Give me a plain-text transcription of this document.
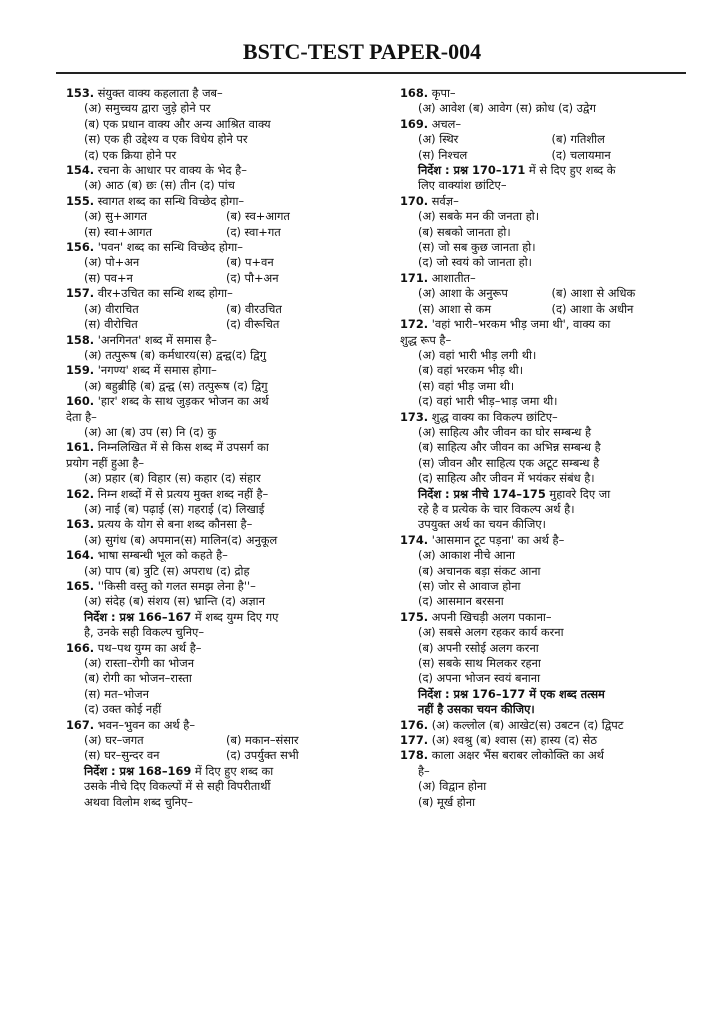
BSTC-TEST PAPER-004
153. संयुक्त वाक्य कहलाता है जब–
(अ) समुच्चय द्वारा जुड़े होने पर
(ब) एक प्रधान वाक्य और अन्य आश्रित वाक्य
(स) एक ही उद्देश्य व एक विधेय होने पर
(द) एक क्रिया होने पर
154. रचना के आधार पर वाक्य के भेद है–
(अ) आठ (ब) छः (स) तीन (द) पांच
155. स्वागत शब्द का सन्धि विच्छेद होगा–
(अ) सु+आगत	(ब) स्व+आगत
(स) स्वा+आगत	(द) स्वा+गत
156. 'पवन' शब्द का सन्धि विच्छेद होगा–
(अ) पो+अन	(ब) प+वन
(स) पव+न	(द) पौ+अन
157. वीर+उचित का सन्धि शब्द होगा–
(अ) वीराचित	(ब) वीरउचित
(स) वीरोचित	(द) वीरूचित
158. 'अनगिनत' शब्द में समास है–
(अ) तत्पुरूष (ब) कर्मधारय(स) द्वन्द्व(द) द्विगु
159. 'नगण्य' शब्द में समास होगा–
(अ) बहुब्रीहि (ब) द्वन्द्व (स) तत्पुरूष (द) द्विगु
160. 'हार' शब्द के साथ जुड़कर भोजन का अर्थ
देता है–
(अ) आ (ब) उप (स) नि (द) कु
161. निम्नलिखित में से किस शब्द में उपसर्ग का
प्रयोग नहीं हुआ है–
(अ) प्रहार (ब) विहार (स) कहार (द) संहार
162. निम्न शब्दों में से प्रत्यय मुक्त शब्द नहीं है–
(अ) नाई (ब) पढ़ाई (स) गहराई (द) लिखाई
163. प्रत्यय के योग से बना शब्द कौनसा है–
(अ) सुगंध (ब) अपमान(स) मालिन(द) अनुकूल
164. भाषा सम्बन्धी भूल को कहते है–
(अ) पाप (ब) त्रुटि (स) अपराध (द) द्रोह
165. ''किसी वस्तु को गलत समझ लेना है''–
(अ) संदेह (ब) संशय (स) भ्रान्ति (द) अज्ञान
निर्देश : प्रश्न 166–167 में शब्द युग्म दिए गए
है, उनके सही विकल्प चुनिए–
166. पथ–पथ युग्म का अर्थ है–
(अ) रास्ता–रोगी का भोजन
(ब) रोगी का भोजन–रास्ता
(स) मत–भोजन
(द) उक्त कोई नहीं
167. भवन–भुवन का अर्थ है–
(अ) घर–जगत	(ब) मकान–संसार
(स) घर–सुन्दर वन	(द) उपर्युक्त सभी
निर्देश : प्रश्न 168–169 में दिए हुए शब्द का
उसके नीचे दिए विकल्पों में से सही विपरीतार्थी
अथवा विलोम शब्द चुनिए–
168. कृपा–
(अ) आवेश (ब) आवेग (स) क्रोध (द) उद्वेग
169. अचल–
(अ) स्थिर	(ब) गतिशील
(स) निश्चल	(द) चलायमान
निर्देश : प्रश्न 170–171 में से दिए हुए शब्द के
लिए वाक्यांश छांटिए–
170. सर्वज्ञ–
(अ) सबके मन की जनता हो।
(ब) सबको जानता हो।
(स) जो सब कुछ जानता हो।
(द) जो स्वयं को जानता हो।
171. आशातीत–
(अ) आशा के अनुरूप	(ब) आशा से अधिक
(स) आशा से कम	(द) आशा के अधीन
172. 'वहां भारी–भरकम भीड़ जमा थी', वाक्य का
शुद्ध रूप है–
(अ) वहां भारी भीड़ लगी थी।
(ब) वहां भरकम भीड़ थी।
(स) वहां भीड़ जमा थी।
(द) वहां भारी भीड़–भाड़ जमा थी।
173. शुद्ध वाक्य का विकल्प छांटिए–
(अ) साहित्य और जीवन का घोर सम्बन्ध है
(ब) साहित्य और जीवन का अभिन्न सम्बन्ध है
(स) जीवन और साहित्य एक अटूट सम्बन्ध है
(द) साहित्य और जीवन में भयंकर संबंध है।
निर्देश : प्रश्न नीचे 174–175 मुहावरे दिए जा
रहे है व प्रत्येक के चार विकल्प अर्थ है।
उपयुक्त अर्थ का चयन कीजिए।
174. 'आसमान टूट पड़ना' का अर्थ है–
(अ) आकाश नीचे आना
(ब) अचानक बड़ा संकट आना
(स) जोर से आवाज होना
(द) आसमान बरसना
175. अपनी खिचड़ी अलग पकाना–
(अ) सबसे अलग रहकर कार्य करना
(ब) अपनी रसोई अलग करना
(स) सबके साथ मिलकर रहना
(द) अपना भोजन स्वयं बनाना
निर्देश : प्रश्न 176–177 में एक शब्द तत्सम
नहीं है उसका चयन कीजिए।
176. (अ) कल्लोल (ब) आखेट(स) उबटन (द) द्विपट
177. (अ) श्वश्रु (ब) श्वास (स) हास्य (द) सेठ
178. काला अक्षर भैंस बराबर लोकोक्ति का अर्थ
है–
(अ) विद्वान होना
(ब) मूर्ख होना
